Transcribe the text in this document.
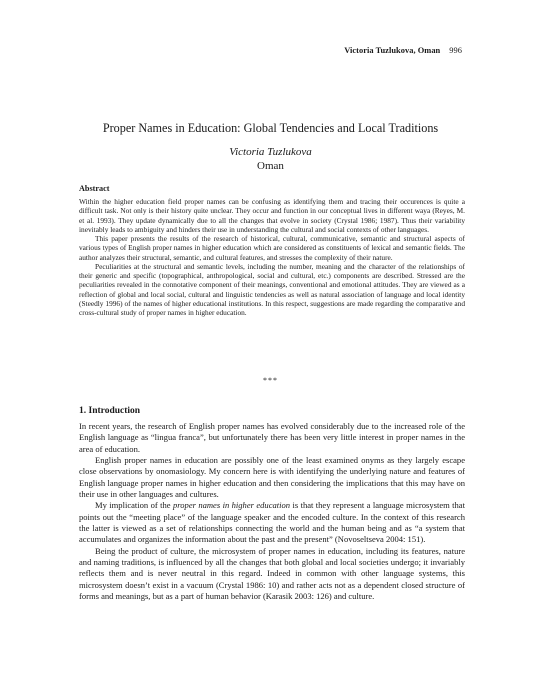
Victoria Tuzlukova, Oman 996
Proper Names in Education: Global Tendencies and Local Traditions
Victoria Tuzlukova
Oman
Abstract

Within the higher education field proper names can be confusing as identifying them and tracing their occurences is quite a difficult task. Not only is their history quite unclear. They occur and function in our conceptual lives in different waya (Reyes, M. et al. 1993). They update dynamically due to all the changes that evolve in society (Crystal 1986; 1987). Thus their variability inevitably leads to ambiguity and hinders their use in understanding the cultural and social contexts of other languages.

This paper presents the results of the research of historical, cultural, communicative, semantic and structural aspects of various types of English proper names in higher education which are considered as constituents of lexical and semantic fields. The author analyzes their structural, semantic, and cultural features, and stresses the complexity of their nature.

Peculiarities at the structural and semantic levels, including the number, meaning and the character of the relationships of their generic and specific (topographical, anthropological, social and cultural, etc.) components are described. Stressed are the peculiarities revealed in the connotative component of their meanings, conventional and emotional attitudes. They are viewed as a reflection of global and local social, cultural and linguistic tendencies as well as natural association of language and local identity (Steedly 1996) of the names of higher educational institutions. In this respect, suggestions are made regarding the comparative and cross-cultural study of proper names in higher education.

***
1. Introduction

In recent years, the research of English proper names has evolved considerably due to the increased role of the English language as “lingua franca”, but unfortunately there has been very little interest in proper names in the area of education.

English proper names in education are possibly one of the least examined onyms as they largely escape close observations by onomasiology. My concern here is with identifying the underlying nature and features of English language proper names in higher education and then considering the implications that this may have on their use in other languages and cultures.

My implication of the proper names in higher education is that they represent a language microsystem that points out the “meeting place” of the language speaker and the encoded culture. In the context of this research the latter is viewed as a set of relationships connecting the world and the human being and as “a system that accumulates and organizes the information about the past and the present” (Novoseltseva 2004: 151).

Being the product of culture, the microsystem of proper names in education, including its features, nature and naming traditions, is influenced by all the changes that both global and local societies undergo; it invariably reflects them and is never neutral in this regard. Indeed in common with other language systems, this microsystem doesn’t exist in a vacuum (Crystal 1986: 10) and rather acts not as a dependent closed structure of forms and meanings, but as a part of human behavior (Karasik 2003: 126) and culture.
